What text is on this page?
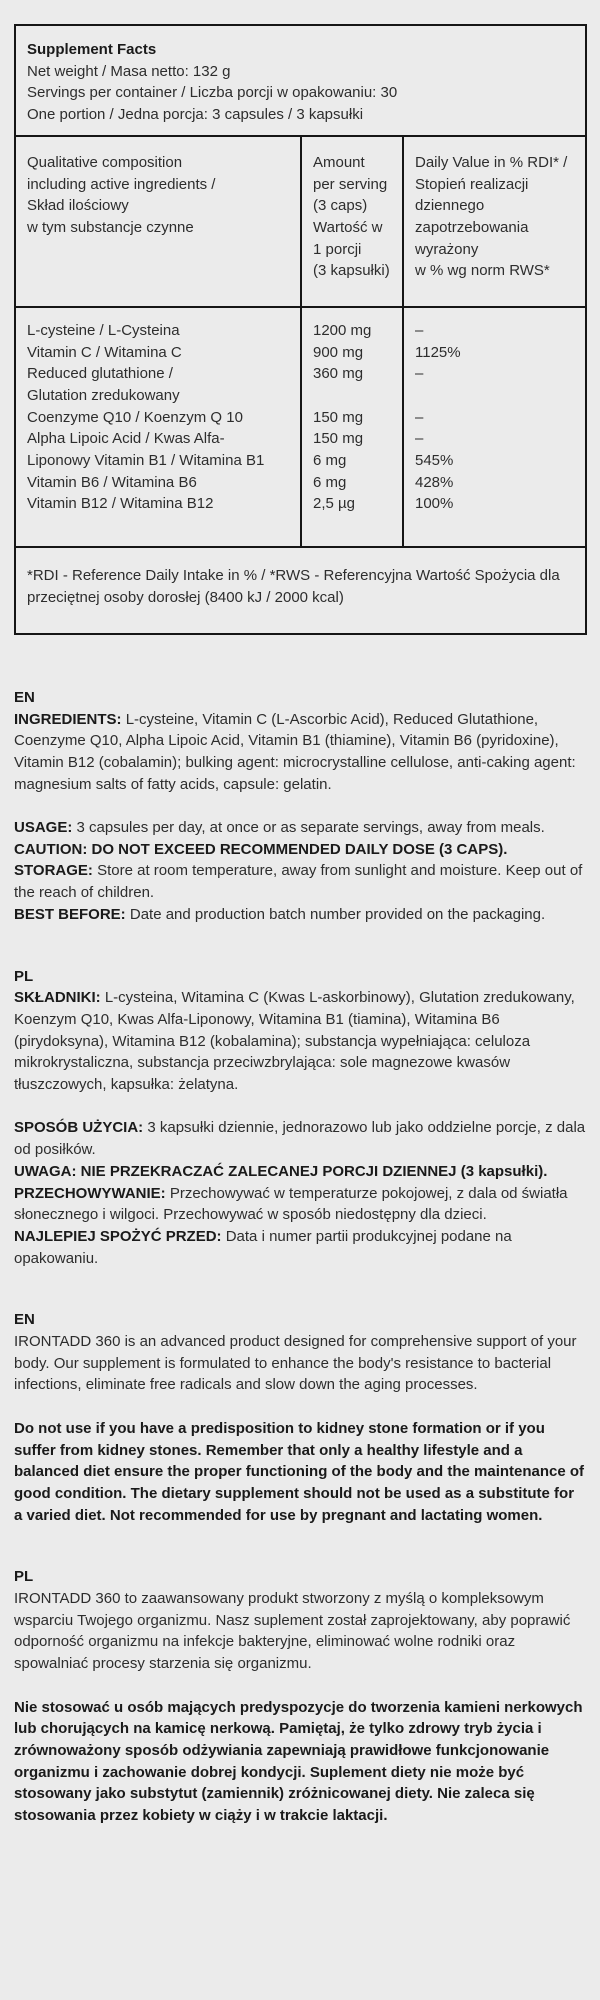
Supplement Facts
Net weight / Masa netto: 132 g
Servings per container / Liczba porcji w opakowaniu: 30
One portion / Jedna porcja: 3 capsules / 3 kapsułki
Qualitative composition
including active ingredients /
Skład ilościowy
w tym substancje czynne
Amount
per serving
(3 caps)
Wartość w
1 porcji
(3 kapsułki)
Daily Value in % RDI* /
Stopień realizacji
dziennego
zapotrzebowania
wyrażony
w % wg norm RWS*
L-cysteine / L-Cysteina
Vitamin C / Witamina C
Reduced glutathione /
Glutation zredukowany
Coenzyme Q10 / Koenzym Q 10
Alpha Lipoic Acid / Kwas Alfa-
Liponowy Vitamin B1 / Witamina B1
Vitamin B6 / Witamina B6
Vitamin B12 / Witamina B12
1200 mg
900 mg
360 mg
150 mg
150 mg
6 mg
6 mg
2,5 µg
–
1125%
–
–
–
545%
428%
100%
*RDI - Reference Daily Intake in % / *RWS - Referencyjna Wartość Spożycia dla przeciętnej osoby dorosłej (8400 kJ / 2000 kcal)

EN

INGREDIENTS: L-cysteine, Vitamin C (L-Ascorbic Acid), Reduced Glutathione, Coenzyme Q10, Alpha Lipoic Acid, Vitamin B1 (thiamine), Vitamin B6 (pyridoxine), Vitamin B12 (cobalamin); bulking agent: microcrystalline cellulose, anti-caking agent: magnesium salts of fatty acids, capsule: gelatin.

USAGE: 3 capsules per day, at once or as separate servings, away from meals.

CAUTION: DO NOT EXCEED RECOMMENDED DAILY DOSE (3 CAPS).

STORAGE: Store at room temperature, away from sunlight and moisture. Keep out of the reach of children.

BEST BEFORE: Date and production batch number provided on the packaging.

PL

SKŁADNIKI: L-cysteina, Witamina C (Kwas L-askorbinowy), Glutation zredukowany, Koenzym Q10, Kwas Alfa-Liponowy, Witamina B1 (tiamina), Witamina B6 (pirydoksyna), Witamina B12 (kobalamina); substancja wypełniająca: celuloza mikrokrystaliczna, substancja przeciwzbrylająca: sole magnezowe kwasów tłuszczowych, kapsułka: żelatyna.

SPOSÓB UŻYCIA: 3 kapsułki dziennie, jednorazowo lub jako oddzielne porcje, z dala od posiłków.

UWAGA: NIE PRZEKRACZAĆ ZALECANEJ PORCJI DZIENNEJ (3 kapsułki).

PRZECHOWYWANIE: Przechowywać w temperaturze pokojowej, z dala od światła słonecznego i wilgoci. Przechowywać w sposób niedostępny dla dzieci.

NAJLEPIEJ SPOŻYĆ PRZED: Data i numer partii produkcyjnej podane na opakowaniu.

EN

IRONTADD 360 is an advanced product designed for comprehensive support of your body. Our supplement is formulated to enhance the body's resistance to bacterial infections, eliminate free radicals and slow down the aging processes.

Do not use if you have a predisposition to kidney stone formation or if you suffer from kidney stones. Remember that only a healthy lifestyle and a balanced diet ensure the proper functioning of the body and the maintenance of good condition. The dietary supplement should not be used as a substitute for a varied diet. Not recommended for use by pregnant and lactating women.

PL

IRONTADD 360 to zaawansowany produkt stworzony z myślą o kompleksowym wsparciu Twojego organizmu. Nasz suplement został zaprojektowany, aby poprawić odporność organizmu na infekcje bakteryjne, eliminować wolne rodniki oraz spowalniać procesy starzenia się organizmu.

Nie stosować u osób mających predyspozycje do tworzenia kamieni nerkowych lub chorujących na kamicę nerkową. Pamiętaj, że tylko zdrowy tryb życia i zrównoważony sposób odżywiania zapewniają prawidłowe funkcjonowanie organizmu i zachowanie dobrej kondycji. Suplement diety nie może być stosowany jako substytut (zamiennik) zróżnicowanej diety. Nie zaleca się stosowania przez kobiety w ciąży i w trakcie laktacji.
